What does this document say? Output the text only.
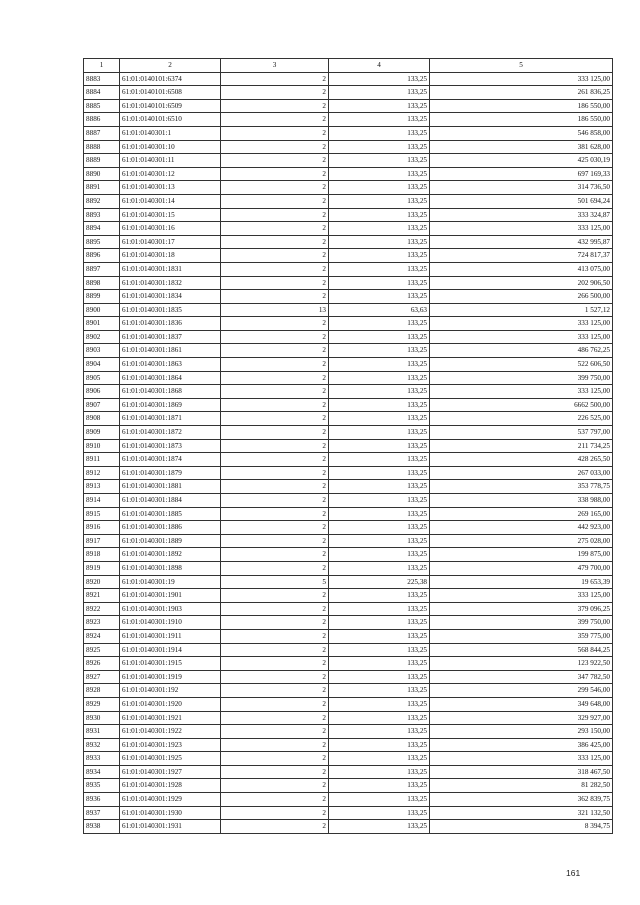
1	2	3	4	5
8883	61:01:0140101:6374	2	133,25	333 125,00
8884	61:01:0140101:6508	2	133,25	261 836,25
8885	61:01:0140101:6509	2	133,25	186 550,00
8886	61:01:0140101:6510	2	133,25	186 550,00
8887	61:01:0140301:1	2	133,25	546 858,00
8888	61:01:0140301:10	2	133,25	381 628,00
8889	61:01:0140301:11	2	133,25	425 030,19
8890	61:01:0140301:12	2	133,25	697 169,33
8891	61:01:0140301:13	2	133,25	314 736,50
8892	61:01:0140301:14	2	133,25	501 694,24
8893	61:01:0140301:15	2	133,25	333 324,87
8894	61:01:0140301:16	2	133,25	333 125,00
8895	61:01:0140301:17	2	133,25	432 995,87
8896	61:01:0140301:18	2	133,25	724 817,37
8897	61:01:0140301:1831	2	133,25	413 075,00
8898	61:01:0140301:1832	2	133,25	202 906,50
8899	61:01:0140301:1834	2	133,25	266 500,00
8900	61:01:0140301:1835	13	63,63	1 527,12
8901	61:01:0140301:1836	2	133,25	333 125,00
8902	61:01:0140301:1837	2	133,25	333 125,00
8903	61:01:0140301:1861	2	133,25	486 762,25
8904	61:01:0140301:1863	2	133,25	522 606,50
8905	61:01:0140301:1864	2	133,25	399 750,00
8906	61:01:0140301:1868	2	133,25	333 125,00
8907	61:01:0140301:1869	2	133,25	6662 500,00
8908	61:01:0140301:1871	2	133,25	226 525,00
8909	61:01:0140301:1872	2	133,25	537 797,00
8910	61:01:0140301:1873	2	133,25	211 734,25
8911	61:01:0140301:1874	2	133,25	428 265,50
8912	61:01:0140301:1879	2	133,25	267 033,00
8913	61:01:0140301:1881	2	133,25	353 778,75
8914	61:01:0140301:1884	2	133,25	338 988,00
8915	61:01:0140301:1885	2	133,25	269 165,00
8916	61:01:0140301:1886	2	133,25	442 923,00
8917	61:01:0140301:1889	2	133,25	275 028,00
8918	61:01:0140301:1892	2	133,25	199 875,00
8919	61:01:0140301:1898	2	133,25	479 700,00
8920	61:01:0140301:19	5	225,38	19 653,39
8921	61:01:0140301:1901	2	133,25	333 125,00
8922	61:01:0140301:1903	2	133,25	379 096,25
8923	61:01:0140301:1910	2	133,25	399 750,00
8924	61:01:0140301:1911	2	133,25	359 775,00
8925	61:01:0140301:1914	2	133,25	568 844,25
8926	61:01:0140301:1915	2	133,25	123 922,50
8927	61:01:0140301:1919	2	133,25	347 782,50
8928	61:01:0140301:192	2	133,25	299 546,00
8929	61:01:0140301:1920	2	133,25	349 648,00
8930	61:01:0140301:1921	2	133,25	329 927,00
8931	61:01:0140301:1922	2	133,25	293 150,00
8932	61:01:0140301:1923	2	133,25	386 425,00
8933	61:01:0140301:1925	2	133,25	333 125,00
8934	61:01:0140301:1927	2	133,25	318 467,50
8935	61:01:0140301:1928	2	133,25	81 282,50
8936	61:01:0140301:1929	2	133,25	362 839,75
8937	61:01:0140301:1930	2	133,25	321 132,50
8938	61:01:0140301:1931	2	133,25	8 394,75
161
